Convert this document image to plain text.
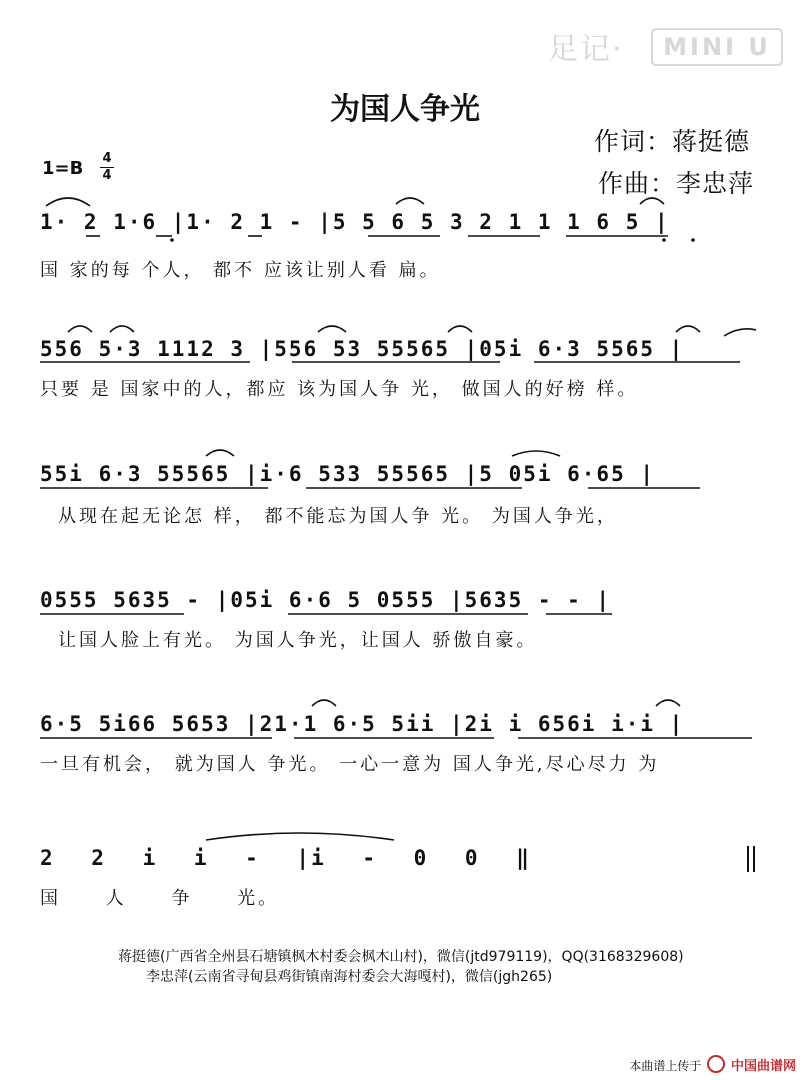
足记·	MINI U
为国人争光
作词：蒋挺德
作曲：李忠萍
1=B 4
4
1· 2 1·6 |1· 2 1 - |5 5 6 5 3 2 1 1 1 6 5 |
国 家的每 个人， 都不 应该让别人看 扁。
556 5·3 1112 3 |556 53 55565 |05i 6·3 5565 |
只要 是 国家中的人，都应 该为国人争 光， 做国人的好榜 样。
55i 6·3 55565 |i·6 533 55565 |5 05i 6·65 |
从现在起无论怎 样， 都不能忘为国人争 光。 为国人争光，
0555 5635 - |05i 6·6 5 0555 |5635 - - |
让国人脸上有光。 为国人争光，让国人 骄傲自豪。
6·5 5i66 5653 |21·1 6·5 5ii |2i i 656i i·i |
一旦有机会， 就为国人 争光。 一心一意为 国人争光,尽心尽力 为
2 2 i i - |i - 0 0 ‖
国 人 争 光。
蒋挺德(广西省全州县石塘镇枫木村委会枫木山村)，微信(jtd979119)，QQ(3168329608)
李忠萍(云南省寻甸县鸡街镇南海村委会大海嘎村)，微信(jgh265)
本曲谱上传于 中国曲谱网
